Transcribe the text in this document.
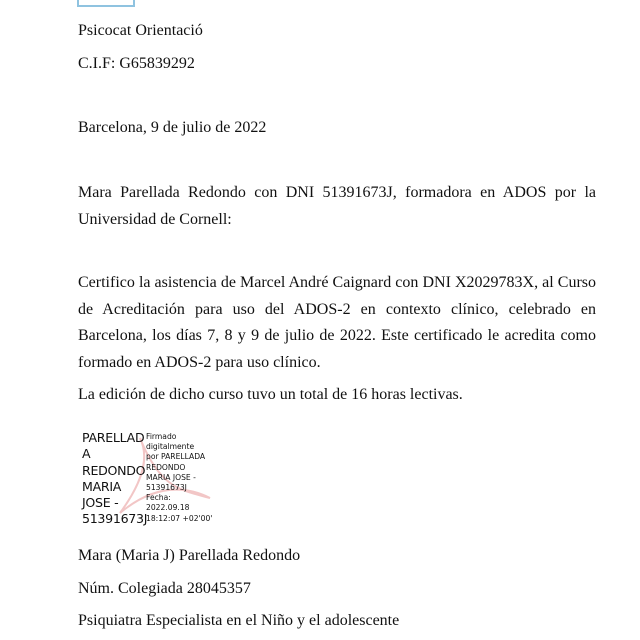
Psicocat Orientació
C.I.F: G65839292
Barcelona, 9 de julio de 2022
Mara Parellada Redondo con DNI 51391673J, formadora en ADOS por la Universidad de Cornell:
Certifico la asistencia de Marcel André Caignard con DNI X2029783X, al Curso de Acreditación para uso del ADOS-2 en contexto clínico, celebrado en Barcelona, los días 7, 8 y 9 de julio de 2022. Este certificado le acredita como formado en ADOS-2 para uso clínico.
La edición de dicho curso tuvo un total de 16 horas lectivas.
PARELLAD
A
REDONDO
MARIA
JOSE -
51391673J
Firmado
digitalmente
por PARELLADA
REDONDO
MARIA JOSE -
51391673J
Fecha:
2022.09.18
18:12:07 +02'00'
Mara (Maria J) Parellada Redondo
Núm. Colegiada 28045357
Psiquiatra Especialista en el Niño y el adolescente
